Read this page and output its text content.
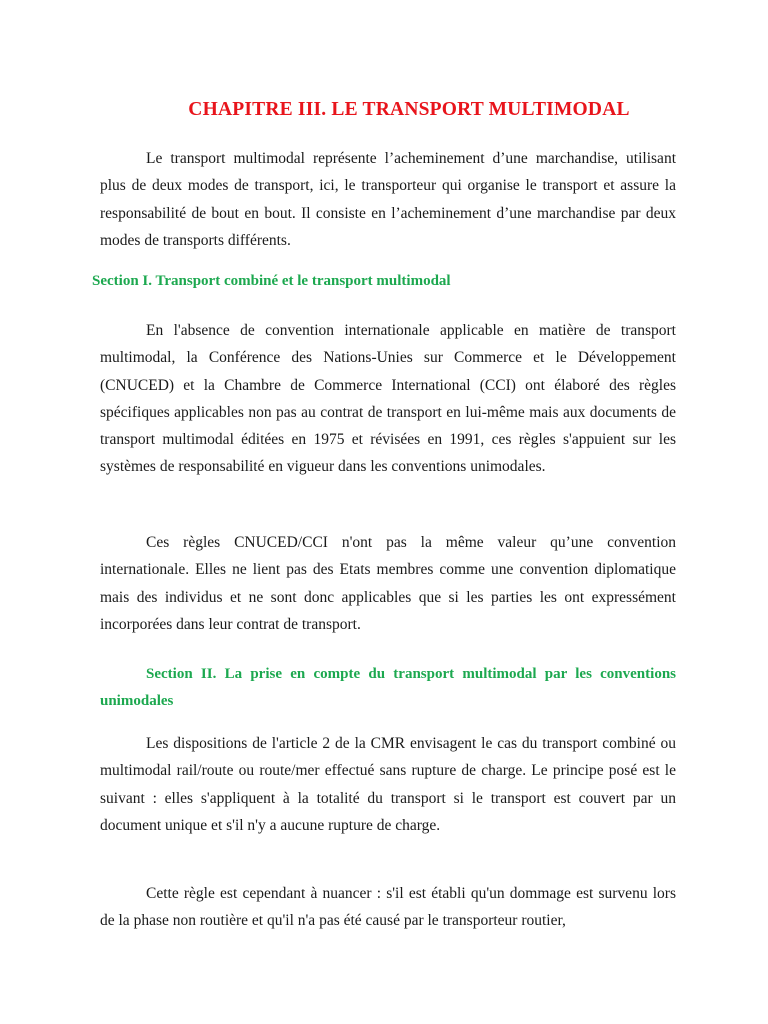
CHAPITRE III. LE TRANSPORT MULTIMODAL

Le transport multimodal représente l’acheminement d’une marchandise, utilisant plus de deux modes de transport, ici, le transporteur qui organise le transport et assure la responsabilité de bout en bout. Il consiste en l’acheminement d’une marchandise par deux modes de transports différents.

Section I. Transport combiné et le transport multimodal

En l'absence de convention internationale applicable en matière de transport multimodal, la Conférence des Nations-Unies sur Commerce et le Développement (CNUCED) et la Chambre de Commerce International (CCI) ont élaboré des règles spécifiques applicables non pas au contrat de transport en lui-même mais aux documents de transport multimodal éditées en 1975 et révisées en 1991, ces règles s'appuient sur les systèmes de responsabilité en vigueur dans les conventions unimodales.

Ces règles CNUCED/CCI n'ont pas la même valeur qu’une convention internationale. Elles ne lient pas des Etats membres comme une convention diplomatique mais des individus et ne sont donc applicables que si les parties les ont expressément incorporées dans leur contrat de transport.

Section II. La prise en compte du transport multimodal par les conventions unimodales

Les dispositions de l'article 2 de la CMR envisagent le cas du transport combiné ou multimodal rail/route ou route/mer effectué sans rupture de charge. Le principe posé est le suivant : elles s'appliquent à la totalité du transport si le transport est couvert par un document unique et s'il n'y a aucune rupture de charge.

Cette règle est cependant à nuancer : s'il est établi qu'un dommage est survenu lors de la phase non routière et qu'il n'a pas été causé par le transporteur routier,
